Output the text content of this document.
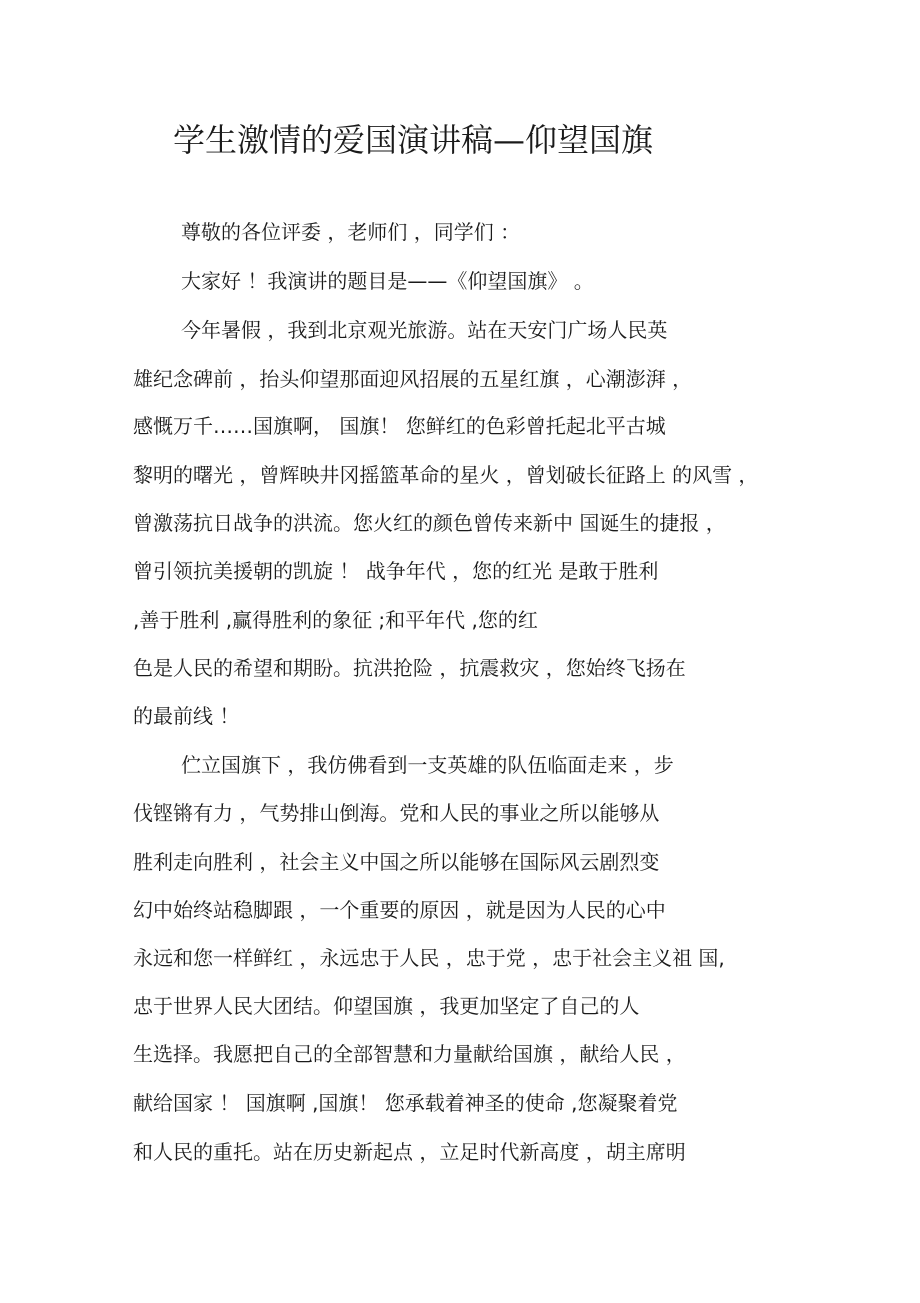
学生激情的爱国演讲稿—仰望国旗

尊敬的各位评委 ，老师们 ，同学们 ：

大家好 ！我演讲的题目是——《仰望国旗》 。

今年暑假 ，我到北京观光旅游。站在天安门广场人民英

雄纪念碑前 ，抬头仰望那面迎风招展的五星红旗 ，心潮澎湃 ，

感慨万千……国旗啊， 国旗！ 您鲜红的色彩曾托起北平古城

黎明的曙光 ，曾辉映井冈摇篮革命的星火 ，曾划破长征路上 的风雪 ，

曾激荡抗日战争的洪流。您火红的颜色曾传来新中 国诞生的捷报 ，

曾引领抗美援朝的凯旋 ！ 战争年代 ，您的红光 是敢于胜利

,善于胜利 ,赢得胜利的象征 ;和平年代 ,您的红

色是人民的希望和期盼。抗洪抢险 ，抗震救灾 ，您始终飞扬在

的最前线 ！

伫立国旗下 ，我仿佛看到一支英雄的队伍临面走来 ，步

伐铿锵有力 ，气势排山倒海。党和人民的事业之所以能够从

胜利走向胜利 ，社会主义中国之所以能够在国际风云剧烈变

幻中始终站稳脚跟 ，一个重要的原因 ，就是因为人民的心中

永远和您一样鲜红 ，永远忠于人民 ，忠于党 ，忠于社会主义祖 国,

忠于世界人民大团结。仰望国旗 ，我更加坚定了自己的人

生选择。我愿把自己的全部智慧和力量献给国旗 ，献给人民 ，

献给国家 ！ 国旗啊 ,国旗！ 您承载着神圣的使命 ,您凝聚着党

和人民的重托。站在历史新起点 ，立足时代新高度 ，胡主席明
